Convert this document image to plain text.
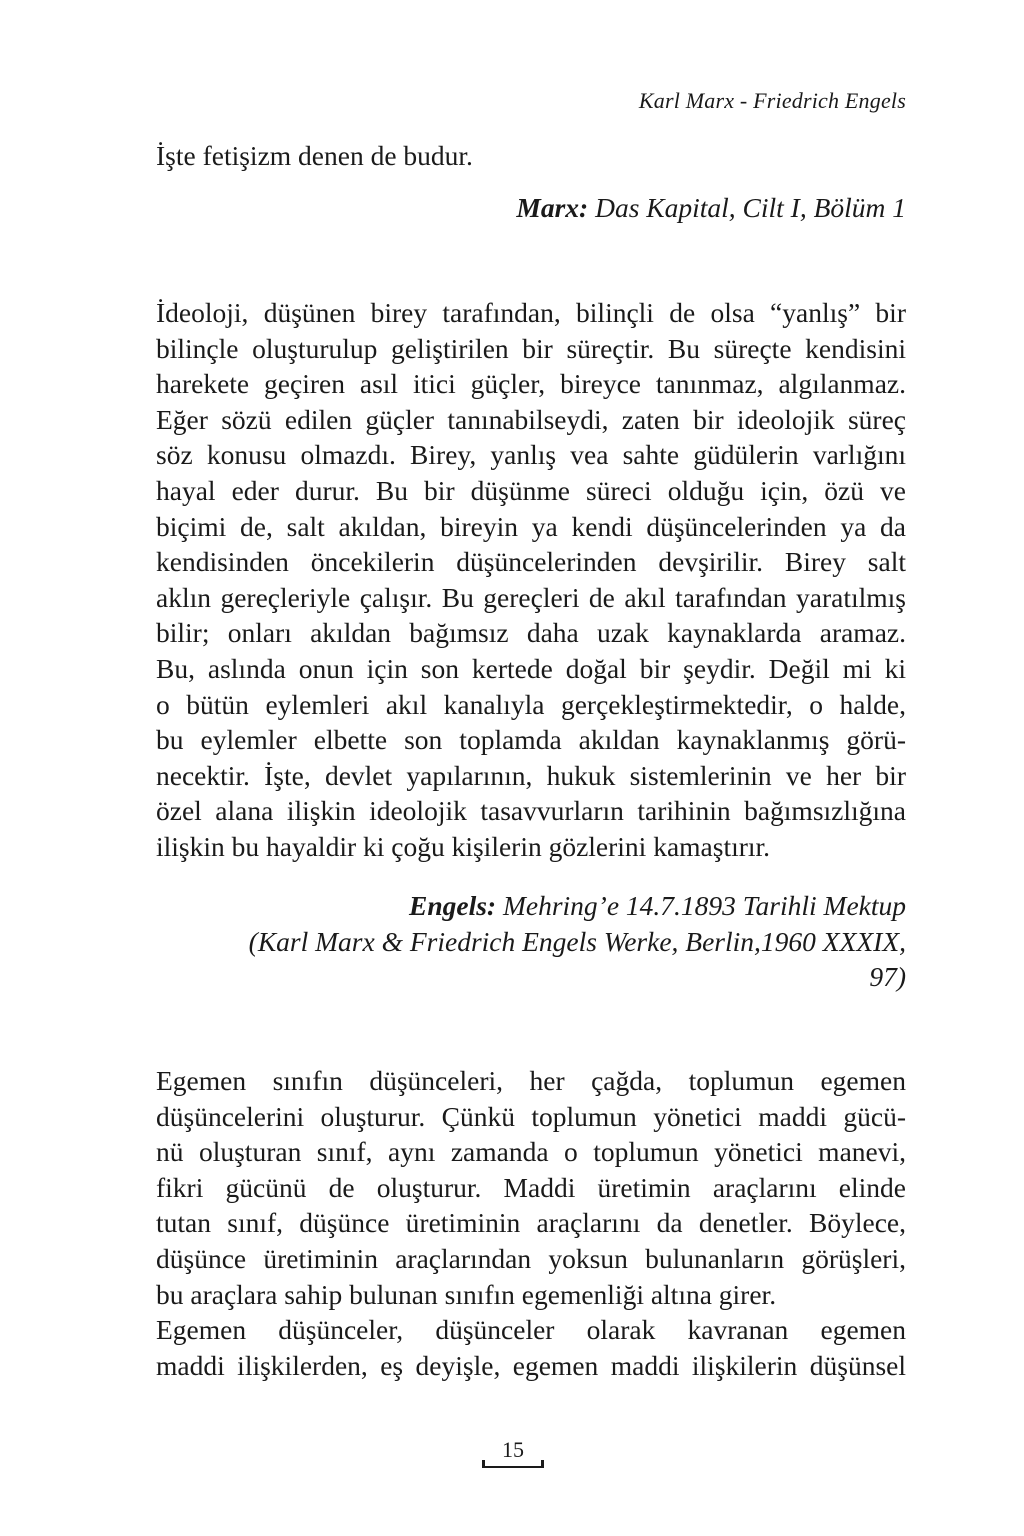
Karl Marx - Friedrich Engels

İşte fetişizm denen de budur.

Marx: Das Kapital, Cilt I, Bölüm 1

İdeoloji, düşünen birey tarafından, bilinçli de olsa “yanlış” bir
bilinçle oluşturulup geliştirilen bir süreçtir. Bu süreçte kendisini
harekete geçiren asıl itici güçler, bireyce tanınmaz, algılanmaz.
Eğer sözü edilen güçler tanınabilseydi, zaten bir ideolojik süreç
söz konusu olmazdı. Birey, yanlış vea sahte güdülerin varlığını
hayal eder durur. Bu bir düşünme süreci olduğu için, özü ve
biçimi de, salt akıldan, bireyin ya kendi düşüncelerinden ya da
kendisinden öncekilerin düşüncelerinden devşirilir. Birey salt
aklın gereçleriyle çalışır. Bu gereçleri de akıl tarafından yaratılmış
bilir; onları akıldan bağımsız daha uzak kaynaklarda aramaz.
Bu, aslında onun için son kertede doğal bir şeydir. Değil mi ki
o bütün eylemleri akıl kanalıyla gerçekleştirmektedir, o halde,
bu eylemler elbette son toplamda akıldan kaynaklanmış görü-
necektir. İşte, devlet yapılarının, hukuk sistemlerinin ve her bir
özel alana ilişkin ideolojik tasavvurların tarihinin bağımsızlığına
ilişkin bu hayaldir ki çoğu kişilerin gözlerini kamaştırır.

Engels: Mehring’e 14.7.1893 Tarihli Mektup
(Karl Marx & Friedrich Engels Werke, Berlin,1960 XXXIX,
97)

Egemen sınıfın düşünceleri, her çağda, toplumun egemen
düşüncelerini oluşturur. Çünkü toplumun yönetici maddi gücü-
nü oluşturan sınıf, aynı zamanda o toplumun yönetici manevi,
fikri gücünü de oluşturur. Maddi üretimin araçlarını elinde
tutan sınıf, düşünce üretiminin araçlarını da denetler. Böylece,
düşünce üretiminin araçlarından yoksun bulunanların görüşleri,
bu araçlara sahip bulunan sınıfın egemenliği altına girer.

Egemen düşünceler, düşünceler olarak kavranan egemen
maddi ilişkilerden, eş deyişle, egemen maddi ilişkilerin düşünsel

15
